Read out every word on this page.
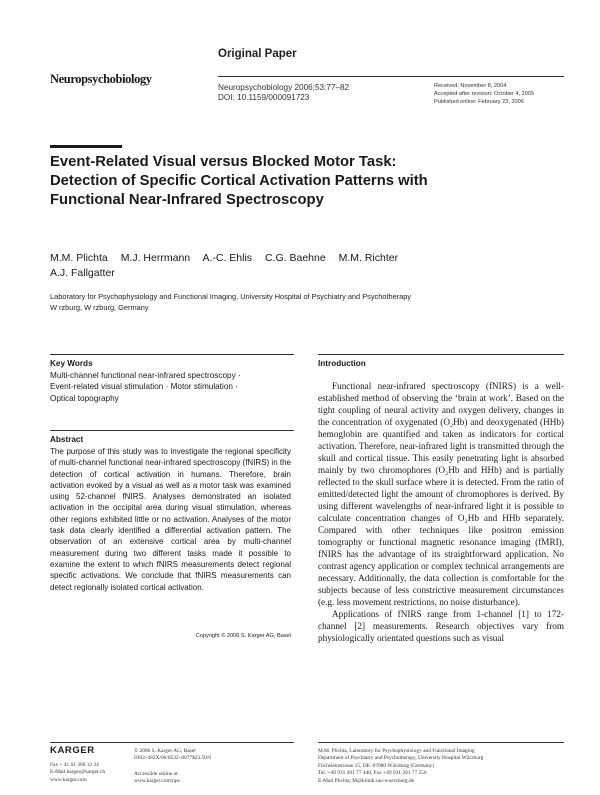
Original Paper
Neuropsychobiology
Neuropsychobiology 2006;53:77–82
DOI: 10.1159/000091723
Received: November 8, 2004
Accepted after revision: October 4, 2005
Published online: February 23, 2006
Event-Related Visual versus Blocked Motor Task: Detection of Specific Cortical Activation Patterns with Functional Near-Infrared Spectroscopy
M.M. Plichta M.J. Herrmann A.-C. Ehlis C.G. Baehne M.M. Richter
A.J. Fallgatter
Laboratory for Psychophysiology and Functional Imaging, University Hospital of Psychiatry and Psychotherapy
W rzburg, W rzburg, Germany
Key Words
Multi-channel functional near-infrared spectroscopy ·
Event-related visual stimulation · Motor stimulation ·
Optical topography
Abstract
The purpose of this study was to investigate the regional specificity of multi-channel functional near-infrared spectroscopy (fNIRS) in the detection of cortical activation in humans. Therefore, brain activation evoked by a visual as well as a motor task was examined using 52-channel fNIRS. Analyses demonstrated an isolated activation in the occipital area during visual stimulation, whereas other regions exhibited little or no activation. Analyses of the motor task data clearly identified a differential activation pattern. The observation of an extensive cortical area by multi-channel measurement during two different tasks made it possible to examine the extent to which fNIRS measurements detect regional specific activations. We conclude that fNIRS measurements can detect regionally isolated cortical activation.
Copyright © 2006 S. Karger AG, Basel
Introduction

Functional near-infrared spectroscopy (fNIRS) is a well-established method of observing the ‘brain at work’. Based on the tight coupling of neural activity and oxygen delivery, changes in the concentration of oxygenated (O₂Hb) and deoxygenated (HHb) hemoglobin are quantified and taken as indicators for cortical activation. Therefore, near-infrared light is transmitted through the skull and cortical tissue. This easily penetrating light is absorbed mainly by two chromophores (O₂Hb and HHb) and is partially reflected to the skull surface where it is detected. From the ratio of emitted/detected light the amount of chromophores is derived. By using different wavelengths of near-infrared light it is possible to calculate concentration changes of O₂Hb and HHb separately. Compared with other techniques like positron emission tomography or functional magnetic resonance imaging (fMRI), fNIRS has the advantage of its straightforward application. No contrast agency application or complex technical arrangements are necessary. Additionally, the data collection is comfortable for the subjects because of less constrictive measurement circumstances (e.g. less movement restrictions, no noise disturbance).

Applications of fNIRS range from 1-channel [1] to 172-channel [2] measurements. Research objectives vary from physiologically orientated questions such as visual

KARGER
Fax + 41 61 306 12 34
E-Mail karger@karger.ch
www.karger.com
© 2006 S. Karger AG, Basel
0302–282X/06/0532–0077$23.50/0
Accessible online at:
www.karger.com/nps
M.M. Plichta, Laboratory for Psychophysiology and Functional Imaging
Department of Psychiatry and Psychotherapy, University Hospital Würzburg
Füchsleinstrasse 15, DE–97080 Würzburg (Germany)
Tel. +49 931 201 77 440, Fax +49 931 201 77 550
E-Mail Plichta_M@klinik.uni-wuerzburg.de
